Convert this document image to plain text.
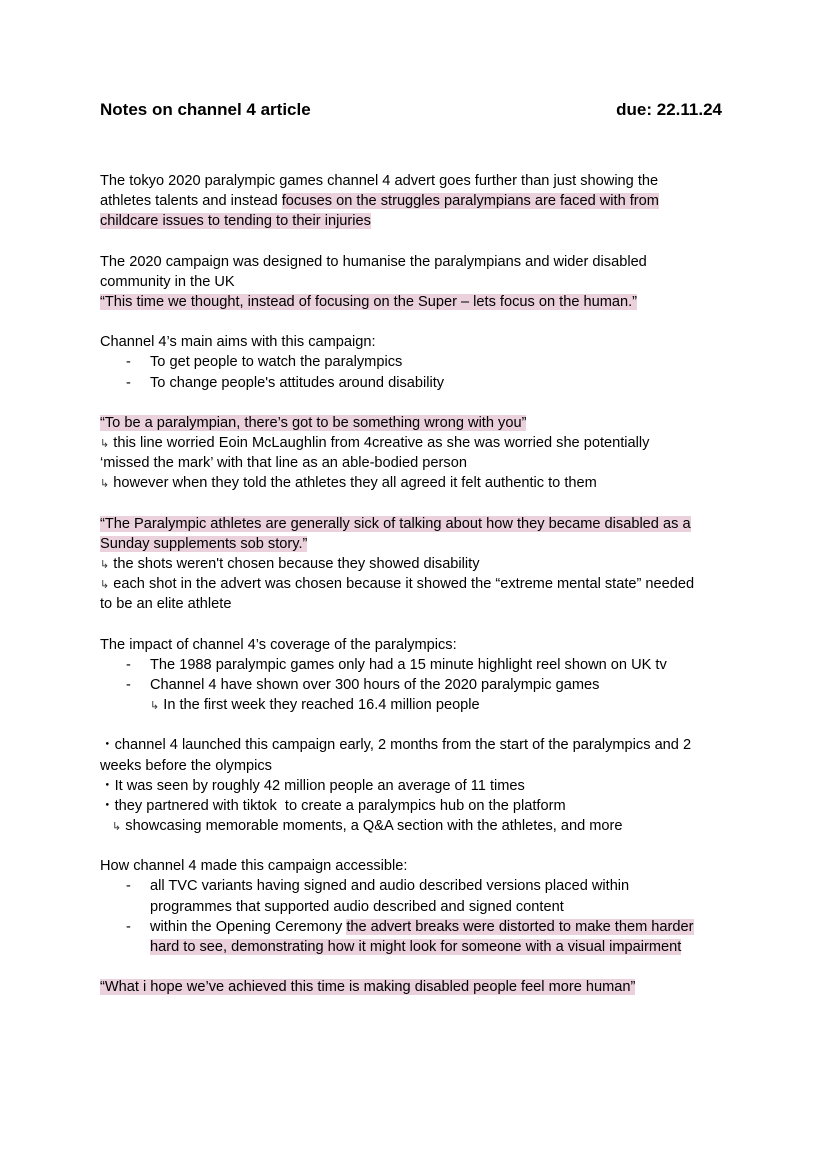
Notes on channel 4 article	due: 22.11.24
The tokyo 2020 paralympic games channel 4 advert goes further than just showing the
athletes talents and instead focuses on the struggles paralympians are faced with from
childcare issues to tending to their injuries
The 2020 campaign was designed to humanise the paralympians and wider disabled
community in the UK
“This time we thought, instead of focusing on the Super – lets focus on the human.”
Channel 4’s main aims with this campaign:
- To get people to watch the paralympics
- To change people's attitudes around disability
“To be a paralympian, there’s got to be something wrong with you”
↳ this line worried Eoin McLaughlin from 4creative as she was worried she potentially
‘missed the mark’ with that line as an able-bodied person
↳ however when they told the athletes they all agreed it felt authentic to them
“The Paralympic athletes are generally sick of talking about how they became disabled as a
Sunday supplements sob story.”
↳ the shots weren't chosen because they showed disability
↳ each shot in the advert was chosen because it showed the “extreme mental state” needed
to be an elite athlete
The impact of channel 4’s coverage of the paralympics:
- The 1988 paralympic games only had a 15 minute highlight reel shown on UK tv
- Channel 4 have shown over 300 hours of the 2020 paralympic games
↳ In the first week they reached 16.4 million people
・channel 4 launched this campaign early, 2 months from the start of the paralympics and 2
weeks before the olympics
・It was seen by roughly 42 million people an average of 11 times
・they partnered with tiktok  to create a paralympics hub on the platform
↳ showcasing memorable moments, a Q&A section with the athletes, and more
How channel 4 made this campaign accessible:
- all TVC variants having signed and audio described versions placed within
programmes that supported audio described and signed content
- within the Opening Ceremony the advert breaks were distorted to make them harder
hard to see, demonstrating how it might look for someone with a visual impairment
“What i hope we’ve achieved this time is making disabled people feel more human”
